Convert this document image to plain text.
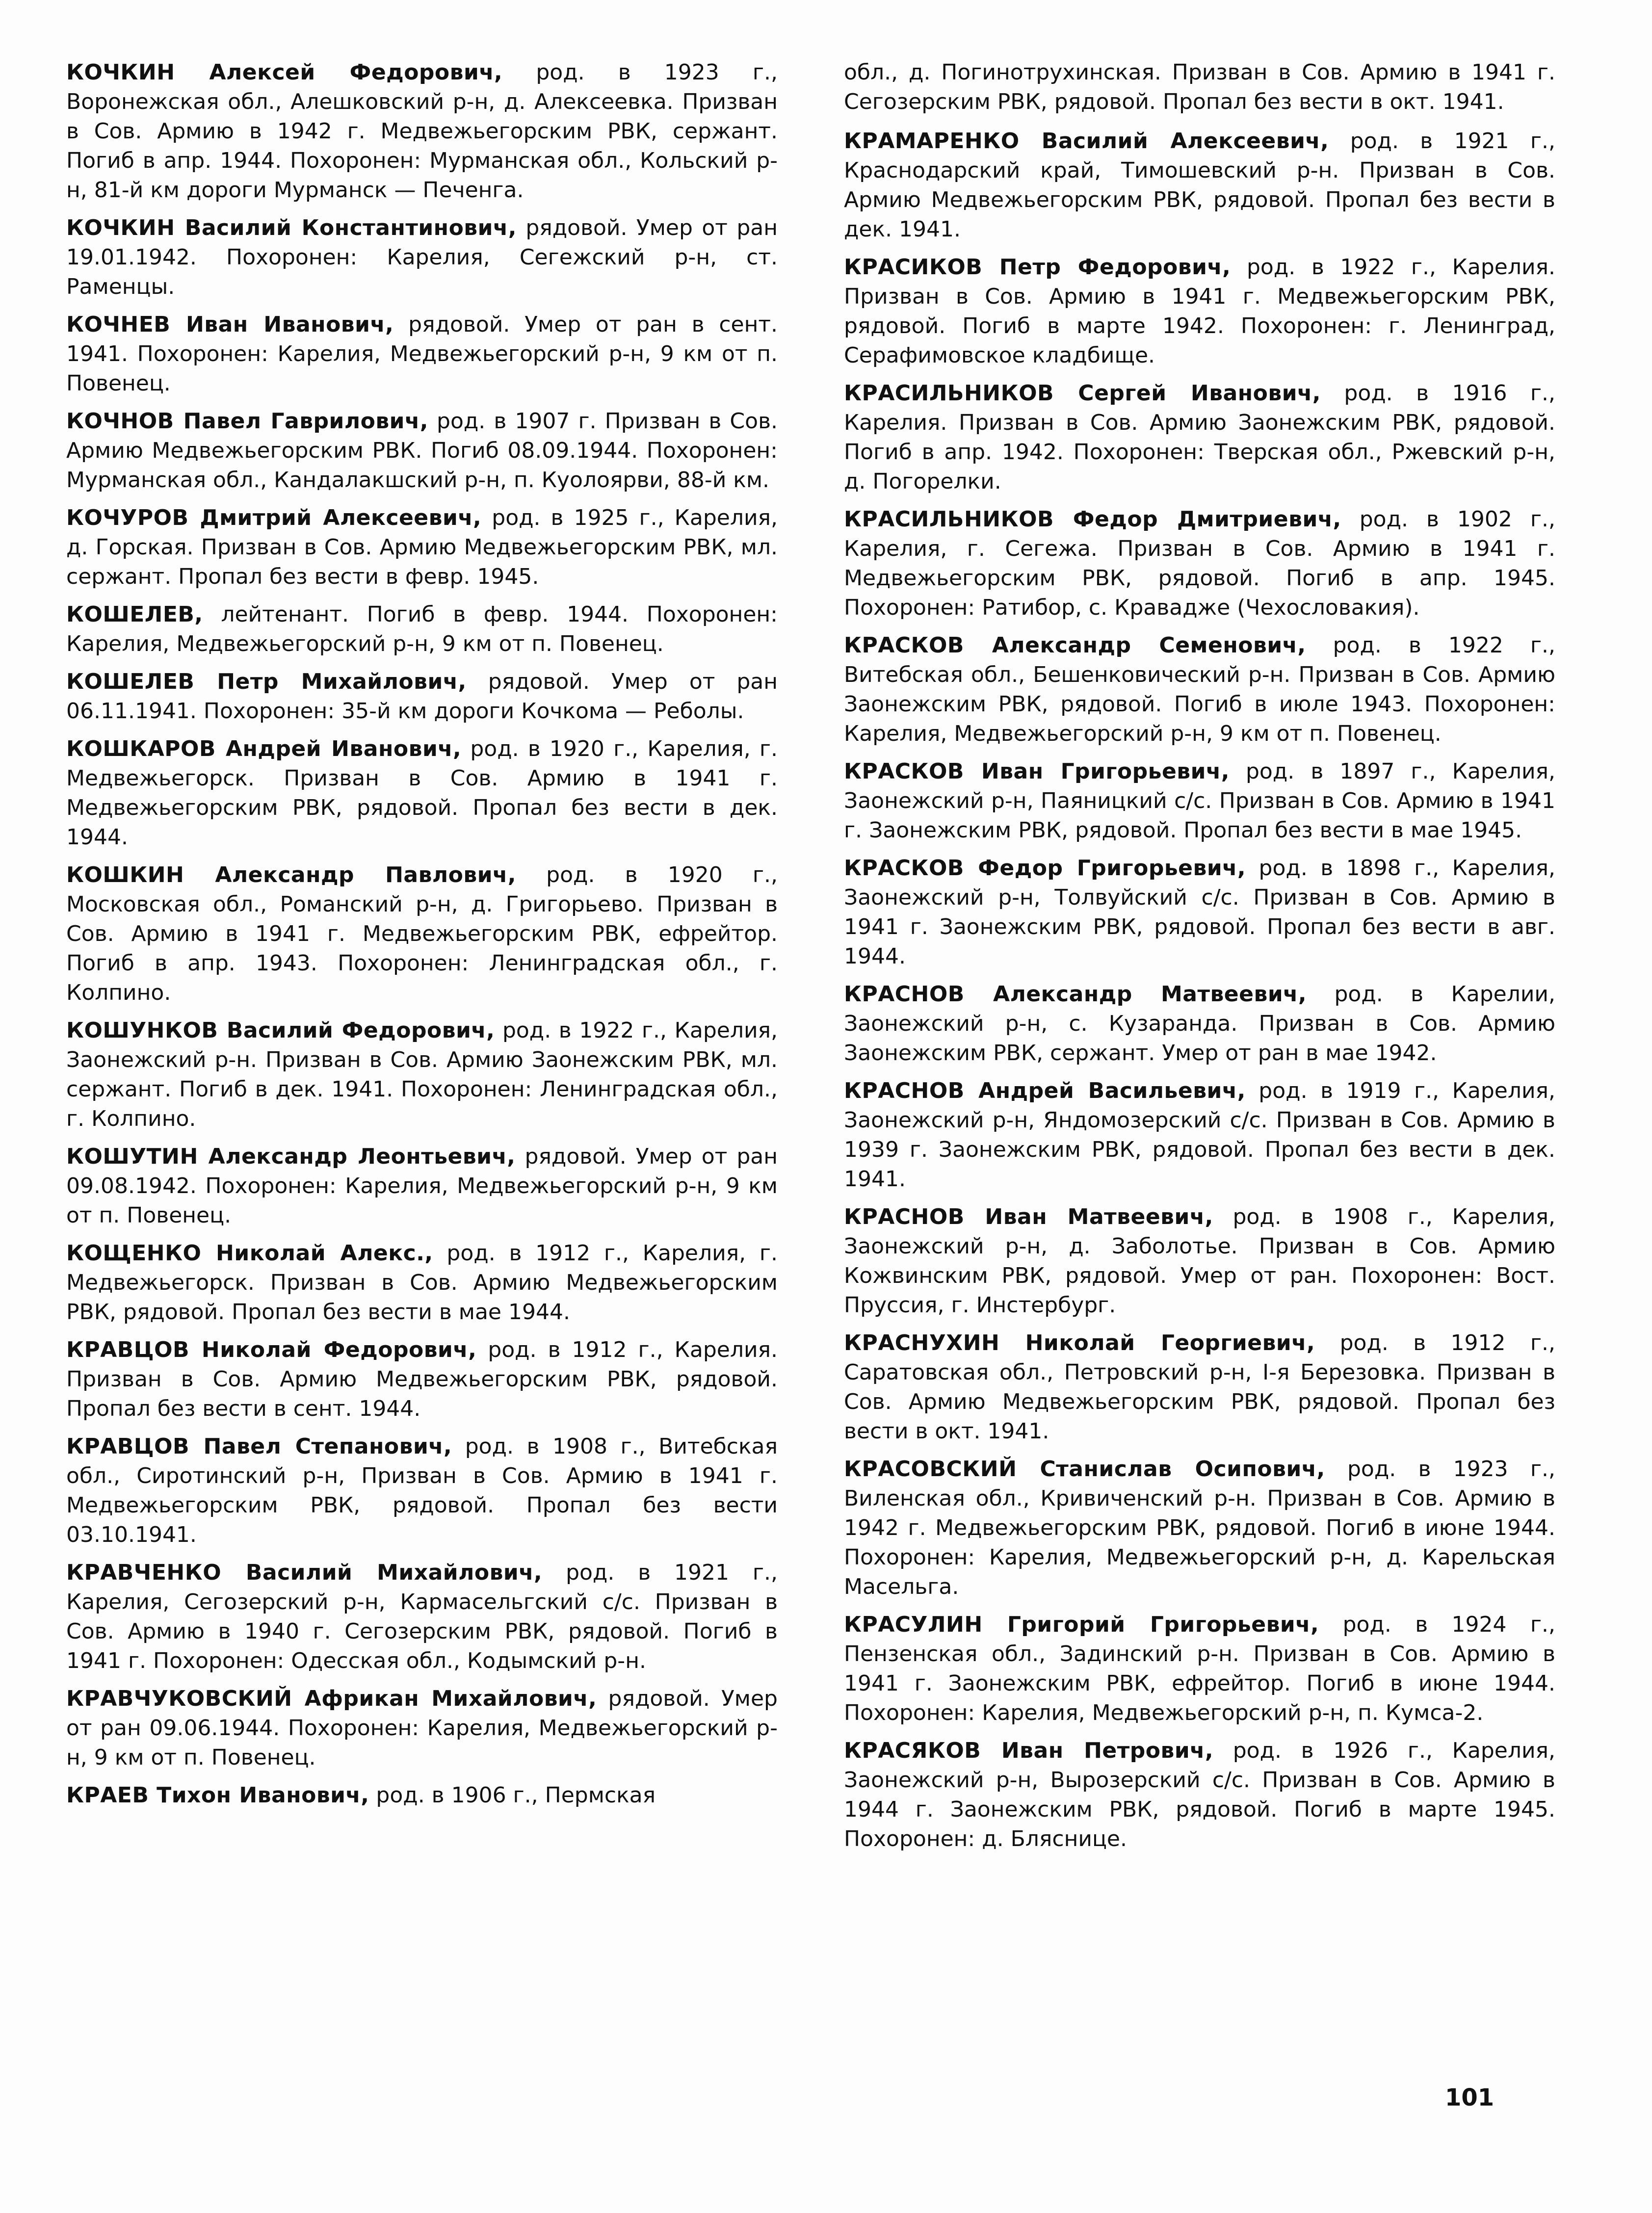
КОЧКИН Алексей Федорович, род. в 1923 г., Воронежская обл., Алешковский р-н, д. Алексеевка. Призван в Сов. Армию в 1942 г. Медвежьегорским РВК, сержант. Погиб в апр. 1944. Похоронен: Мурманская обл., Кольский р-н, 81-й км дороги Мурманск — Печенга.

КОЧКИН Василий Константинович, рядовой. Умер от ран 19.01.1942. Похоронен: Карелия, Сегежский р-н, ст. Раменцы.

КОЧНЕВ Иван Иванович, рядовой. Умер от ран в сент. 1941. Похоронен: Карелия, Медвежьегорский р-н, 9 км от п. Повенец.

КОЧНОВ Павел Гаврилович, род. в 1907 г. Призван в Сов. Армию Медвежьегорским РВК. Погиб 08.09.1944. Похоронен: Мурманская обл., Кандалакшский р-н, п. Куолоярви, 88-й км.

КОЧУРОВ Дмитрий Алексеевич, род. в 1925 г., Карелия, д. Горская. Призван в Сов. Армию Медвежьегорским РВК, мл. сержант. Пропал без вести в февр. 1945.

КОШЕЛЕВ, лейтенант. Погиб в февр. 1944. Похоронен: Карелия, Медвежьегорский р-н, 9 км от п. Повенец.

КОШЕЛЕВ Петр Михайлович, рядовой. Умер от ран 06.11.1941. Похоронен: 35-й км дороги Кочкома — Реболы.

КОШКАРОВ Андрей Иванович, род. в 1920 г., Карелия, г. Медвежьегорск. Призван в Сов. Армию в 1941 г. Медвежьегорским РВК, рядовой. Пропал без вести в дек. 1944.

КОШКИН Александр Павлович, род. в 1920 г., Московская обл., Романский р-н, д. Григорьево. Призван в Сов. Армию в 1941 г. Медвежьегорским РВК, ефрейтор. Погиб в апр. 1943. Похоронен: Ленинградская обл., г. Колпино.

КОШУНКОВ Василий Федорович, род. в 1922 г., Карелия, Заонежский р-н. Призван в Сов. Армию Заонежским РВК, мл. сержант. Погиб в дек. 1941. Похоронен: Ленинградская обл., г. Колпино.

КОШУТИН Александр Леонтьевич, рядовой. Умер от ран 09.08.1942. Похоронен: Карелия, Медвежьегорский р-н, 9 км от п. Повенец.

КОЩЕНКО Николай Алекс., род. в 1912 г., Карелия, г. Медвежьегорск. Призван в Сов. Армию Медвежьегорским РВК, рядовой. Пропал без вести в мае 1944.

КРАВЦОВ Николай Федорович, род. в 1912 г., Карелия. Призван в Сов. Армию Медвежьегорским РВК, рядовой. Пропал без вести в сент. 1944.

КРАВЦОВ Павел Степанович, род. в 1908 г., Витебская обл., Сиротинский р-н, Призван в Сов. Армию в 1941 г. Медвежьегорским РВК, рядовой. Пропал без вести 03.10.1941.

КРАВЧЕНКО Василий Михайлович, род. в 1921 г., Карелия, Сегозерский р-н, Кармасельгский с/с. Призван в Сов. Армию в 1940 г. Сегозерским РВК, рядовой. Погиб в 1941 г. Похоронен: Одесская обл., Кодымский р-н.

КРАВЧУКОВСКИЙ Африкан Михайлович, рядовой. Умер от ран 09.06.1944. Похоронен: Карелия, Медвежьегорский р-н, 9 км от п. Повенец.

КРАЕВ Тихон Иванович, род. в 1906 г., Пермская

обл., д. Погинотрухинская. Призван в Сов. Армию в 1941 г. Сегозерским РВК, рядовой. Пропал без вести в окт. 1941.

КРАМАРЕНКО Василий Алексеевич, род. в 1921 г., Краснодарский край, Тимошевский р-н. Призван в Сов. Армию Медвежьегорским РВК, рядовой. Пропал без вести в дек. 1941.

КРАСИКОВ Петр Федорович, род. в 1922 г., Карелия. Призван в Сов. Армию в 1941 г. Медвежьегорским РВК, рядовой. Погиб в марте 1942. Похоронен: г. Ленинград, Серафимовское кладбище.

КРАСИЛЬНИКОВ Сергей Иванович, род. в 1916 г., Карелия. Призван в Сов. Армию Заонежским РВК, рядовой. Погиб в апр. 1942. Похоронен: Тверская обл., Ржевский р-н, д. Погорелки.

КРАСИЛЬНИКОВ Федор Дмитриевич, род. в 1902 г., Карелия, г. Сегежа. Призван в Сов. Армию в 1941 г. Медвежьегорским РВК, рядовой. Погиб в апр. 1945. Похоронен: Ратибор, с. Кравадже (Чехословакия).

КРАСКОВ Александр Семенович, род. в 1922 г., Витебская обл., Бешенковический р-н. Призван в Сов. Армию Заонежским РВК, рядовой. Погиб в июле 1943. Похоронен: Карелия, Медвежьегорский р-н, 9 км от п. Повенец.

КРАСКОВ Иван Григорьевич, род. в 1897 г., Карелия, Заонежский р-н, Паяницкий с/с. Призван в Сов. Армию в 1941 г. Заонежским РВК, рядовой. Пропал без вести в мае 1945.

КРАСКОВ Федор Григорьевич, род. в 1898 г., Карелия, Заонежский р-н, Толвуйский с/с. Призван в Сов. Армию в 1941 г. Заонежским РВК, рядовой. Пропал без вести в авг. 1944.

КРАСНОВ Александр Матвеевич, род. в Карелии, Заонежский р-н, с. Кузаранда. Призван в Сов. Армию Заонежским РВК, сержант. Умер от ран в мае 1942.

КРАСНОВ Андрей Васильевич, род. в 1919 г., Карелия, Заонежский р-н, Яндомозерский с/с. Призван в Сов. Армию в 1939 г. Заонежским РВК, рядовой. Пропал без вести в дек. 1941.

КРАСНОВ Иван Матвеевич, род. в 1908 г., Карелия, Заонежский р-н, д. Заболотье. Призван в Сов. Армию Кожвинским РВК, рядовой. Умер от ран. Похоронен: Вост. Пруссия, г. Инстербург.

КРАСНУХИН Николай Георгиевич, род. в 1912 г., Саратовская обл., Петровский р-н, І-я Березовка. Призван в Сов. Армию Медвежьегорским РВК, рядовой. Пропал без вести в окт. 1941.

КРАСОВСКИЙ Станислав Осипович, род. в 1923 г., Виленская обл., Кривиченский р-н. Призван в Сов. Армию в 1942 г. Медвежьегорским РВК, рядовой. Погиб в июне 1944. Похоронен: Карелия, Медвежьегорский р-н, д. Карельская Масельга.

КРАСУЛИН Григорий Григорьевич, род. в 1924 г., Пензенская обл., Задинский р-н. Призван в Сов. Армию в 1941 г. Заонежским РВК, ефрейтор. Погиб в июне 1944. Похоронен: Карелия, Медвежьегорский р-н, п. Кумса-2.

КРАСЯКОВ Иван Петрович, род. в 1926 г., Карелия, Заонежский р-н, Вырозерский с/с. Призван в Сов. Армию в 1944 г. Заонежским РВК, рядовой. Погиб в марте 1945. Похоронен: д. Бляснице.

101
